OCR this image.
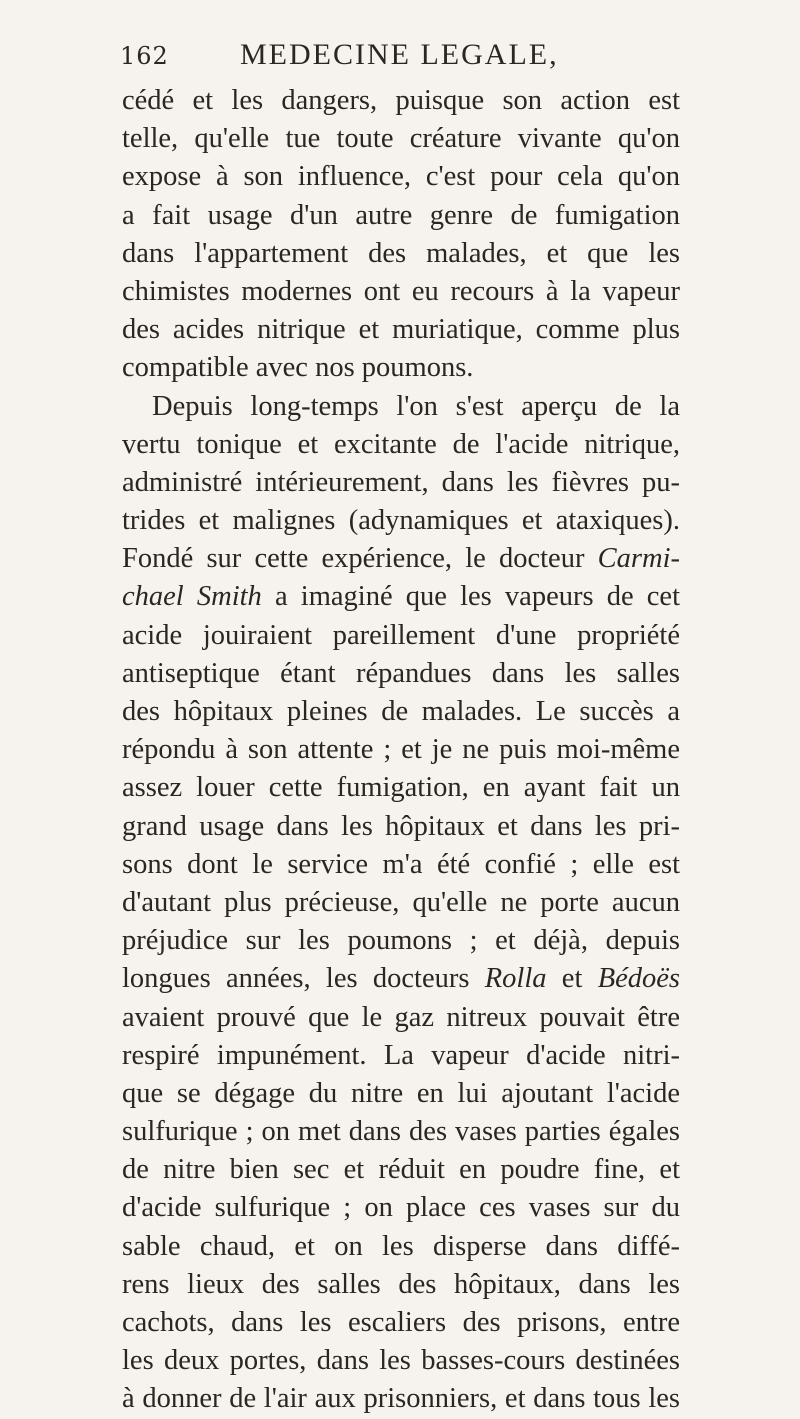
162 MEDECINE LEGALE,
cédé et les dangers, puisque son action est
telle, qu'elle tue toute créature vivante qu'on
expose à son influence, c'est pour cela qu'on
a fait usage d'un autre genre de fumigation
dans l'appartement des malades, et que les
chimistes modernes ont eu recours à la vapeur
des acides nitrique et muriatique, comme plus
compatible avec nos poumons.
Depuis long-temps l'on s'est aperçu de la
vertu tonique et excitante de l'acide nitrique,
administré intérieurement, dans les fièvres pu-
trides et malignes (adynamiques et ataxiques).
Fondé sur cette expérience, le docteur Carmi-
chael Smith a imaginé que les vapeurs de cet
acide jouiraient pareillement d'une propriété
antiseptique étant répandues dans les salles
des hôpitaux pleines de malades. Le succès a
répondu à son attente ; et je ne puis moi-même
assez louer cette fumigation, en ayant fait un
grand usage dans les hôpitaux et dans les pri-
sons dont le service m'a été confié ; elle est
d'autant plus précieuse, qu'elle ne porte aucun
préjudice sur les poumons ; et déjà, depuis
longues années, les docteurs Rolla et Bédoës
avaient prouvé que le gaz nitreux pouvait être
respiré impunément. La vapeur d'acide nitri-
que se dégage du nitre en lui ajoutant l'acide
sulfurique ; on met dans des vases parties égales
de nitre bien sec et réduit en poudre fine, et
d'acide sulfurique ; on place ces vases sur du
sable chaud, et on les disperse dans diffé-
rens lieux des salles des hôpitaux, dans les
cachots, dans les escaliers des prisons, entre
les deux portes, dans les basses-cours destinées
à donner de l'air aux prisonniers, et dans tous les
